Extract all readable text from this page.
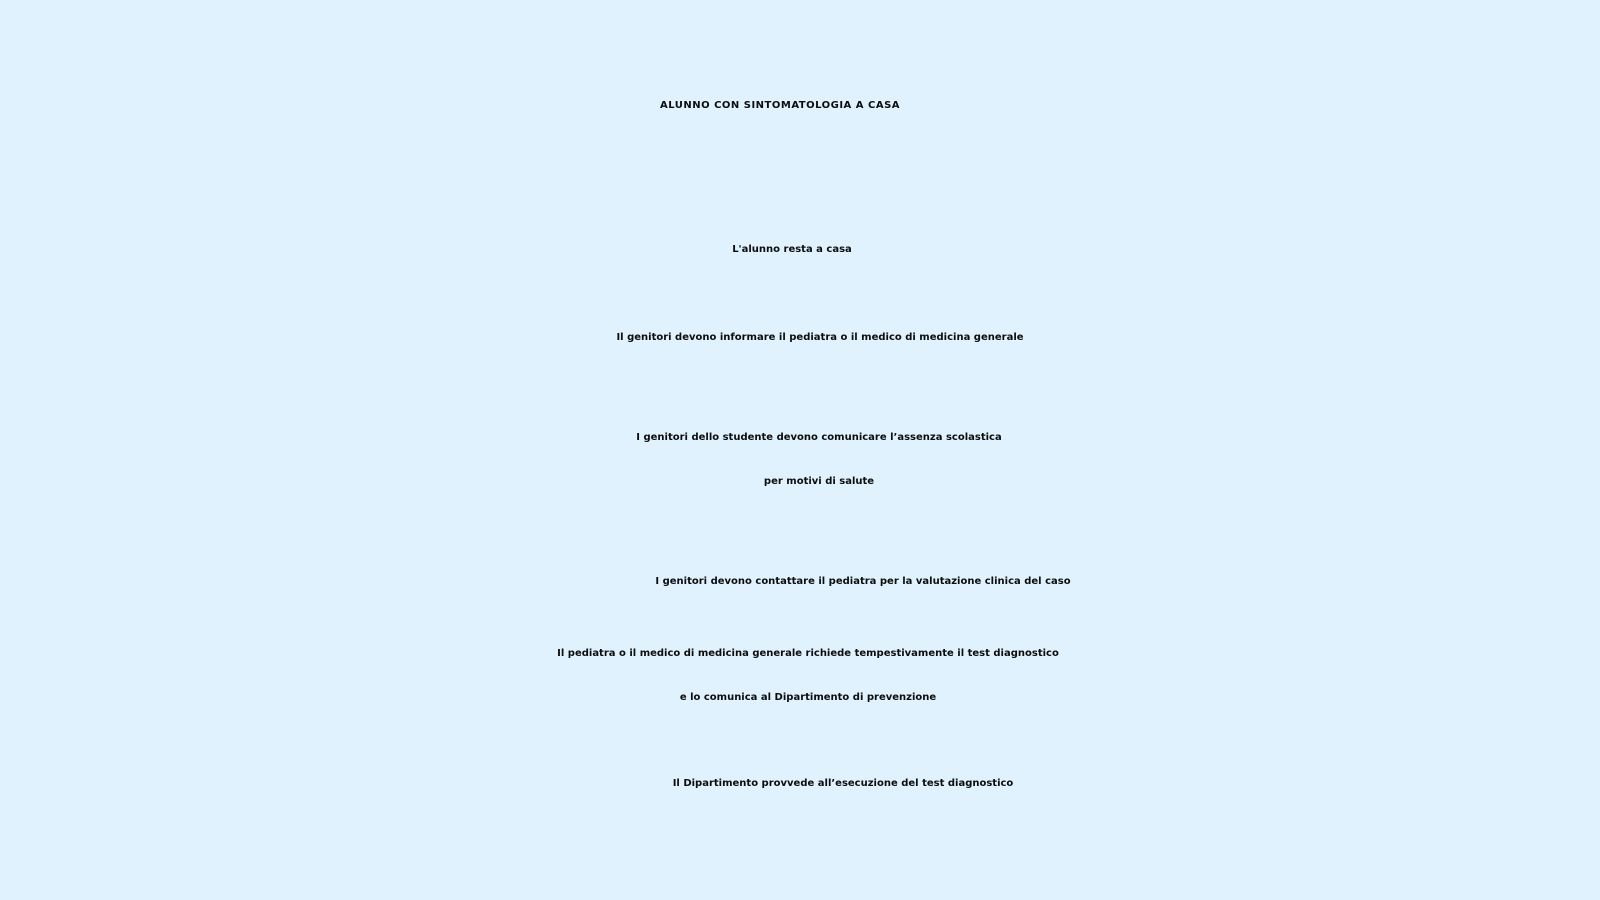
ALUNNO CON SINTOMATOLOGIA A CASA
L'alunno resta a casa
Il genitori devono informare il pediatra o il medico di medicina generale
I genitori dello studente devono comunicare l’assenza scolastica
per motivi di salute
I genitori devono contattare il pediatra per la valutazione clinica del caso
Il pediatra o il medico di medicina generale richiede tempestivamente il test diagnostico
e lo comunica al Dipartimento di prevenzione
Il Dipartimento provvede all’esecuzione del test diagnostico
